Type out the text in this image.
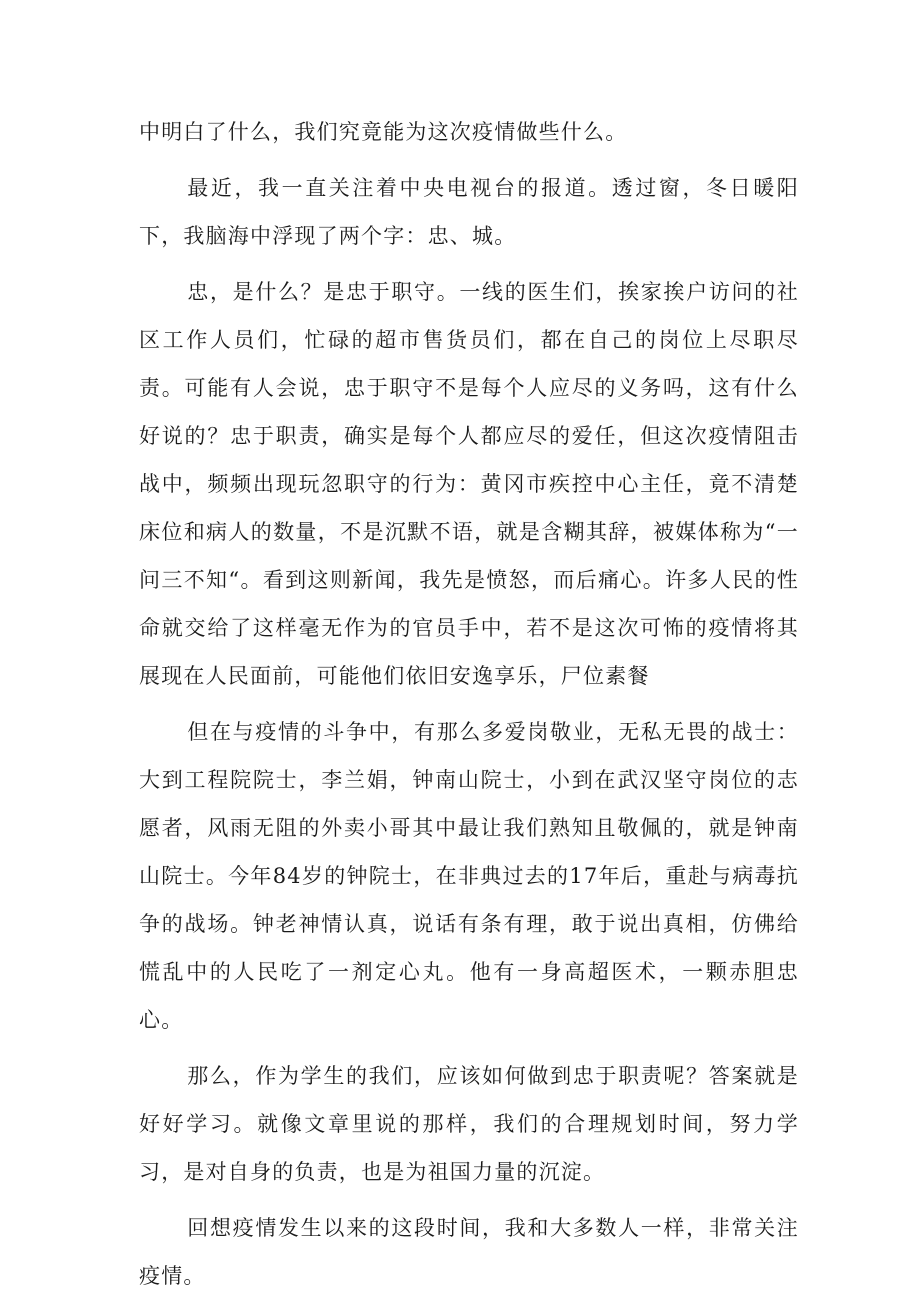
中明白了什么，我们究竟能为这次疫情做些什么。

最近，我一直关注着中央电视台的报道。透过窗，冬日暖阳下，我脑海中浮现了两个字：忠、城。

忠，是什么？是忠于职守。一线的医生们，挨家挨户访问的社区工作人员们，忙碌的超市售货员们，都在自己的岗位上尽职尽责。可能有人会说，忠于职守不是每个人应尽的义务吗，这有什么好说的？忠于职责，确实是每个人都应尽的爱任，但这次疫情阻击战中，频频出现玩忽职守的行为：黄冈市疾控中心主任，竟不清楚床位和病人的数量，不是沉默不语，就是含糊其辞，被媒体称为“一问三不知“。看到这则新闻，我先是愤怒，而后痛心。许多人民的性命就交给了这样毫无作为的官员手中，若不是这次可怖的疫情将其展现在人民面前，可能他们依旧安逸享乐，尸位素餐

但在与疫情的斗争中，有那么多爱岗敬业，无私无畏的战士：大到工程院院士，李兰娟，钟南山院士，小到在武汉坚守岗位的志愿者，风雨无阻的外卖小哥其中最让我们熟知且敬佩的，就是钟南山院士。今年84岁的钟院士，在非典过去的17年后，重赴与病毒抗争的战场。钟老神情认真，说话有条有理，敢于说出真相，仿佛给慌乱中的人民吃了一剂定心丸。他有一身高超医术，一颗赤胆忠心。

那么，作为学生的我们，应该如何做到忠于职责呢？答案就是好好学习。就像文章里说的那样，我们的合理规划时间，努力学习，是对自身的负责，也是为祖国力量的沉淀。

回想疫情发生以来的这段时间，我和大多数人一样，非常关注疫情。
